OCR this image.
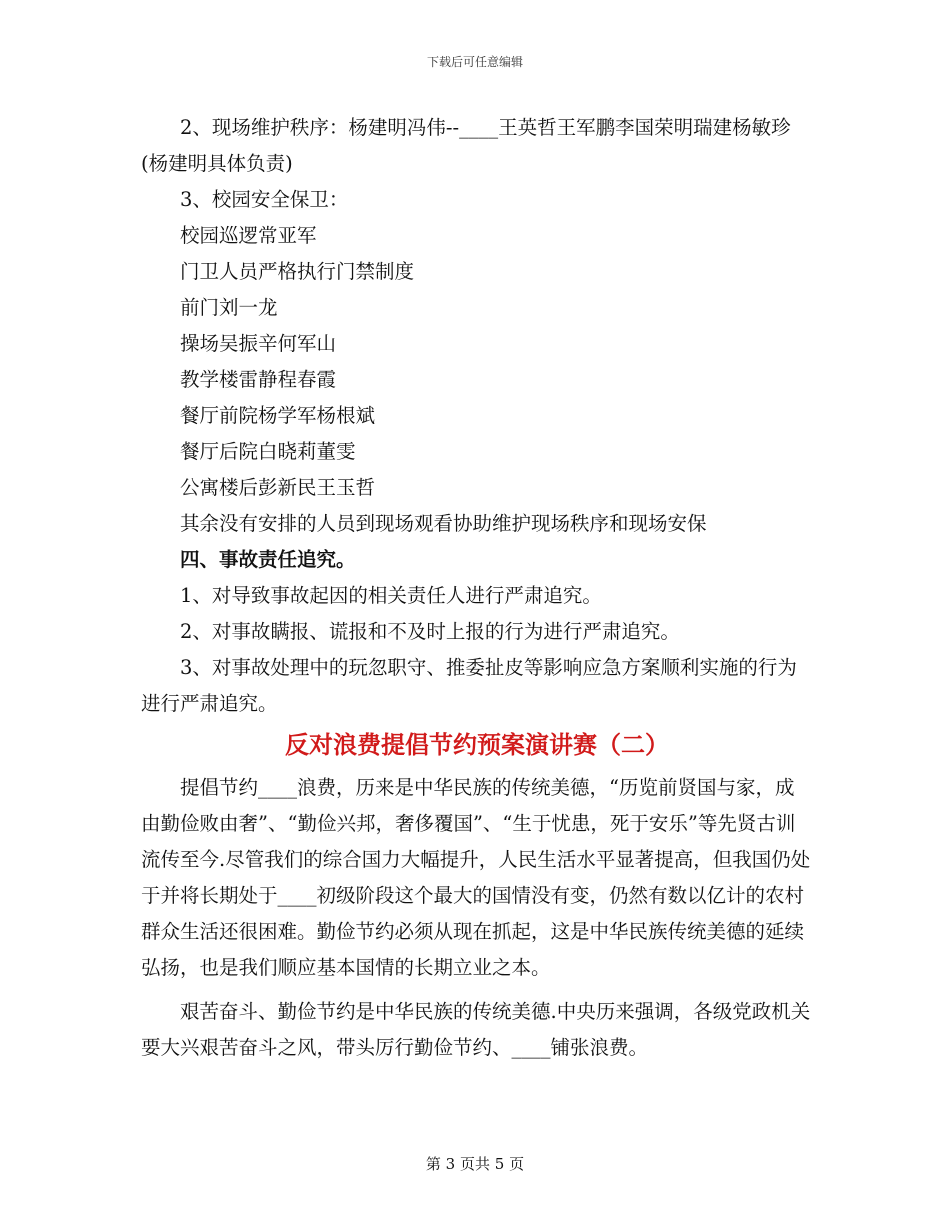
下载后可任意编辑

2、现场维护秩序：杨建明冯伟--____王英哲王军鹏李国荣明瑞建杨敏珍(杨建明具体负责)

3、校园安全保卫：

校园巡逻常亚军

门卫人员严格执行门禁制度

前门刘一龙

操场吴振辛何军山

教学楼雷静程春霞

餐厅前院杨学军杨根斌

餐厅后院白晓莉董雯

公寓楼后彭新民王玉哲

其余没有安排的人员到现场观看协助维护现场秩序和现场安保

四、事故责任追究。

1、对导致事故起因的相关责任人进行严肃追究。

2、对事故瞒报、谎报和不及时上报的行为进行严肃追究。

3、对事故处理中的玩忽职守、推委扯皮等影响应急方案顺利实施的行为进行严肃追究。

反对浪费提倡节约预案演讲赛（二）

提倡节约____浪费，历来是中华民族的传统美德，“历览前贤国与家，成由勤俭败由奢”、“勤俭兴邦，奢侈覆国”、“生于忧患，死于安乐”等先贤古训流传至今.尽管我们的综合国力大幅提升，人民生活水平显著提高，但我国仍处于并将长期处于____初级阶段这个最大的国情没有变，仍然有数以亿计的农村群众生活还很困难。勤俭节约必须从现在抓起，这是中华民族传统美德的延续弘扬，也是我们顺应基本国情的长期立业之本。

艰苦奋斗、勤俭节约是中华民族的传统美德.中央历来强调，各级党政机关要大兴艰苦奋斗之风，带头厉行勤俭节约、____铺张浪费。

第 3 页共 5 页
